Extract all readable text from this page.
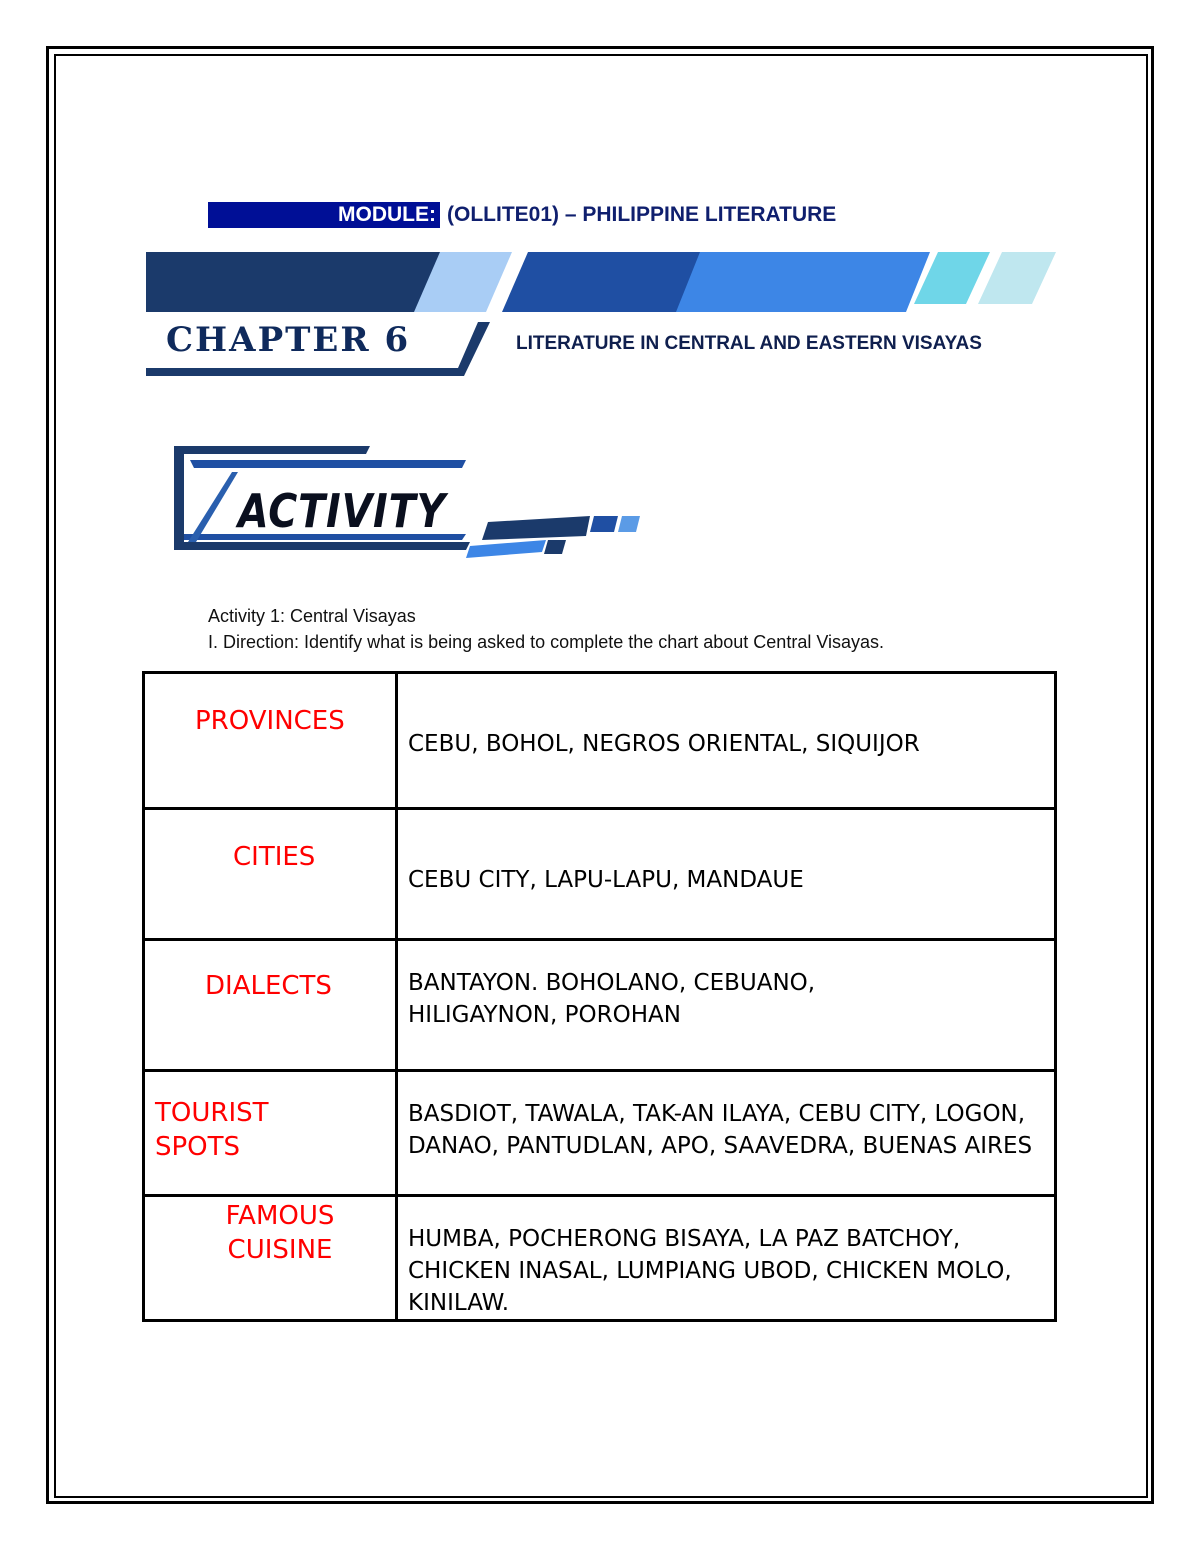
MODULE: (OLLITE01) – PHILIPPINE LITERATURE
CHAPTER 6	LITERATURE IN CENTRAL AND EASTERN VISAYAS
ACTIVITY
Activity 1: Central Visayas
I. Direction: Identify what is being asked to complete the chart about Central Visayas.
PROVINCES	CEBU, BOHOL, NEGROS ORIENTAL, SIQUIJOR

CITIES	CEBU CITY, LAPU-LAPU, MANDAUE

DIALECTS	BANTAYON. BOHOLANO, CEBUANO, HILIGAYNON, POROHAN

TOURIST SPOTS	BASDIOT, TAWALA, TAK-AN ILAYA, CEBU CITY, LOGON, DANAO, PANTUDLAN, APO, SAAVEDRA, BUENAS AIRES

FAMOUS CUISINE	HUMBA, POCHERONG BISAYA, LA PAZ BATCHOY, CHICKEN INASAL, LUMPIANG UBOD, CHICKEN MOLO, KINILAW.
